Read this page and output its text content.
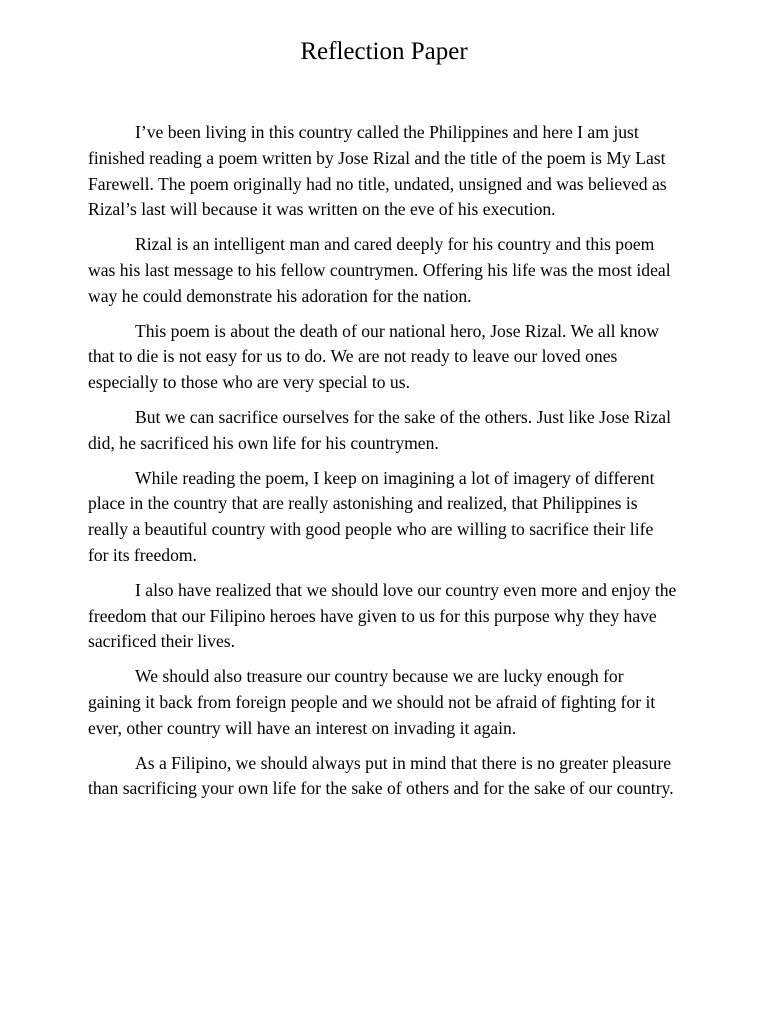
Reflection Paper

I’ve been living in this country called the Philippines and here I am just finished reading a poem written by Jose Rizal and the title of the poem is My Last Farewell. The poem originally had no title, undated, unsigned and was believed as Rizal’s last will because it was written on the eve of his execution.

Rizal is an intelligent man and cared deeply for his country and this poem was his last message to his fellow countrymen. Offering his life was the most ideal way he could demonstrate his adoration for the nation.

This poem is about the death of our national hero, Jose Rizal. We all know that to die is not easy for us to do. We are not ready to leave our loved ones especially to those who are very special to us.

But we can sacrifice ourselves for the sake of the others. Just like Jose Rizal did, he sacrificed his own life for his countrymen.

While reading the poem, I keep on imagining a lot of imagery of different place in the country that are really astonishing and realized, that Philippines is really a beautiful country with good people who are willing to sacrifice their life for its freedom.

I also have realized that we should love our country even more and enjoy the freedom that our Filipino heroes have given to us for this purpose why they have sacrificed their lives.

We should also treasure our country because we are lucky enough for gaining it back from foreign people and we should not be afraid of fighting for it ever, other country will have an interest on invading it again.

As a Filipino, we should always put in mind that there is no greater pleasure than sacrificing your own life for the sake of others and for the sake of our country.
